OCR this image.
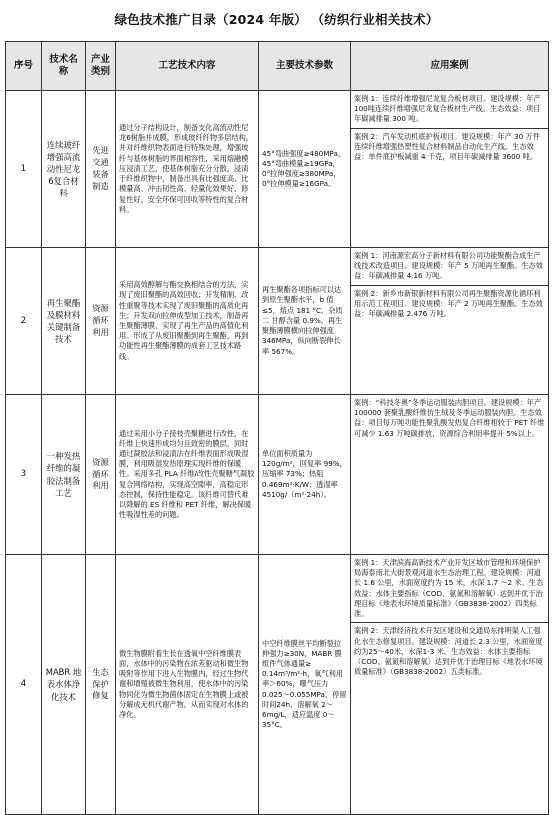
绿色技术推广目录（2024 年版） （纺织行业相关技术）
序号	技术名称	产业类别	工艺技术内容	主要技术参数	应用案例
1	连续玻纤增强高流动性尼龙6复合材料	先进交通装备制造	通过分子结构设计，制备支化高流动性尼龙6树脂并成膜，形成玻纤纤物多层结构，并对纤维织物表面进行特殊处理，增强玻纤与基体树脂的界面相容性，采用熔融模压浸渍工艺，使基体树脂充分分散，浸渍于纤维织物中，制备出具有比强度高、比模量高、冲击韧性高、轻量化效果好、修复性好、安全环保可回收等特性的复合材料。	45°弯曲强度≥480MPa，45°弯曲模量≥19GPa，0°拉伸强度≥380MPa，0°拉伸模量≥16GPa。	案例 1：连续纤维增强尼龙复合板材项目。建设规模：年产100吨连续纤维增强尼龙复合板材生产线。生态效益：项目年碳减排量 300 吨。
案例 2：汽车发动机底护板项目。建设规模：年产 30 万件连续纤维增强热塑性复合材料制品自动化生产线。生态效益：单件底护板减重 4 千克，项目年碳减排量 3600 吨。

2	再生聚酯及膜材料关键制备技术	资源循环利用	采用高效醇解与酯交换相结合的方法，实现了废旧聚酯的高效回收；开发精制、改性重聚等技术实现了废旧聚酯的高质化再生；开发双向拉伸成型加工技术，制备再生聚酯薄膜，实现了再生产品的高值化利用。形成了从废旧聚酯到再生聚酯，再到功能性再生聚酯薄膜的成套工艺技术路线。	再生聚酯各项指标可以达到原生聚酯水平，b 值≤5，熔点 181 °C，杂质 二 甘醇含量 0.9%。再生聚酯薄膜横向拉伸强度 346MPa，纵向断裂伸长率 567%。	案例 1：河南源宏高分子新材料有限公司功能聚酯合成生产线技术改造项目。建设规模：年产 5 万吨再生聚酯。生态效益：年碳减排量 4.16 万吨。
案例 2：新乡市新银新材料有限公司再生聚酯资源化循环利用示范工程项目。建设规模：年产 2 万吨再生聚酯。生态效益：年碳减排量 2.476 万吨。

3	一种发热纤维的凝胶法制备工艺	资源循环利用	通过采用小分子接枝壳聚糖进行改性，在纤维上快速形成均匀且致密的膜层，同时通过凝胶法和浸渍法在纤维表面形成吸湿膜，利用吸湿发热原理实现纤维的保暖性。采用多孔 PLA 纤维/改性壳聚糖气凝胶复合网络结构，实现高空隙率，高稳定形态控制，保持性能稳定。该纤维可替代难以降解的 ES 纤维和 PET 纤维，解决保暖性吸湿性差的问题。	单位面积质量为 120g/m²，回复率 99%，压缩率 73%；热阻 0.469m²·K/W；透湿率4510g/（m²·24h）。	案例：“科技冬奥”冬季运动服装内胆项目。建设规模：年产 100000 套聚乳酸纤维仿生绒及冬季运动服装内胆。生态效益：项目每万吨功能性聚乳酸发热复合纤维相较于 PET 纤维可减少 1.63 万吨碳排放，资源综合利用率提升 5%以上。

4	MABR 地表水体净化技术	生态保护修复	微生物膜附着生长在透氧中空纤维膜表面，水体中的污染物在浓差驱动和微生物吸附等作用下进入生物膜内，经过生物代谢和增殖被微生物利用，使水体中的污染物同化为微生物菌体固定在生物膜上或被分解成无机代谢产物，从而实现对水体的净化。	中空纤维膜丝平均断裂拉伸强力≥30N，MABR 膜组件气体通量≥ 0.14m³/m²·h，氧气利用率＞60%，曝气压力0.025～0.055MPa，停留时间24h，溶解氧 2～6mg/L，适应温度 0～35°C。	案例 1：天津滨海高新技术产业开发区城市管理和环境保护局海泰南北大街景观河道水生态治理工程。建设规模：河道长 1.6 公里，水面宽度约为 15 米，水深 1.7 ～2 米。生态效益：水体主要指标（COD、氨氮和溶解氧）达到并优于治理目标《地表水环境质量标准》（GB3838-2002）四类标准。
案例 2：天津经济技术开发区建设和交通局东排明渠人工强化水生态修复项目。建设规模：河道长 2.3 公里，水面宽度约为25～40米，水深1-3 米。生态效益：水体主要指标（COD、氨氮和溶解氧）达到并优于治理目标《地表水环境质量标准》（GB3838-2002）五类标准。
